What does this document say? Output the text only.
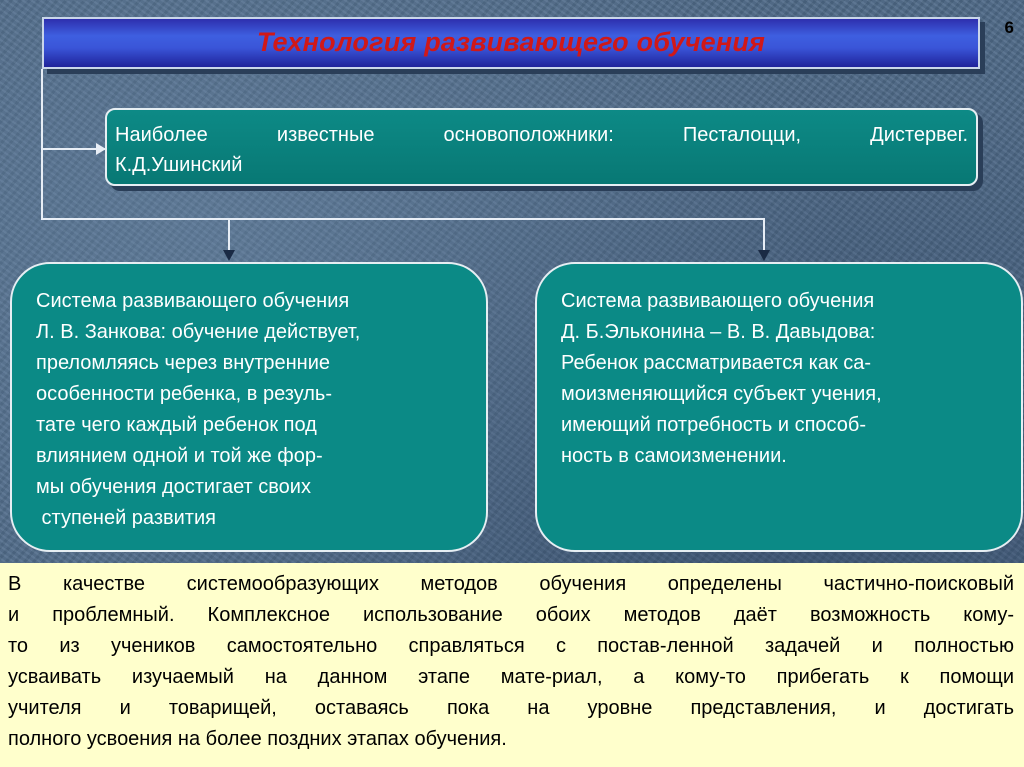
6
Технология развивающего обучения
Наиболее известные основоположники: Песталоцци, Дистервег.
К.Д.Ушинский
Система развивающего обучения
Л. В. Занкова: обучение действует,
преломляясь через внутренние
особенности ребенка, в резуль-
тате чего каждый ребенок под
влиянием одной и той же фор-
мы обучения достигает своих
ступеней развития
Система развивающего обучения
Д. Б.Эльконина – В. В. Давыдова:
Ребенок рассматривается как са-
моизменяющийся субъект учения,
имеющий потребность и способ-
ность в самоизменении.
В качестве системообразующих методов обучения определены частично-поисковый
и проблемный. Комплексное использование обоих методов даёт возможность кому-
то из учеников самостоятельно справляться с постав-ленной задачей и полностью
усваивать изучаемый на данном этапе мате-риал, а кому-то прибегать к помощи
учителя и товарищей, оставаясь пока на уровне представления, и достигать
полного усвоения на более поздних этапах обучения.
